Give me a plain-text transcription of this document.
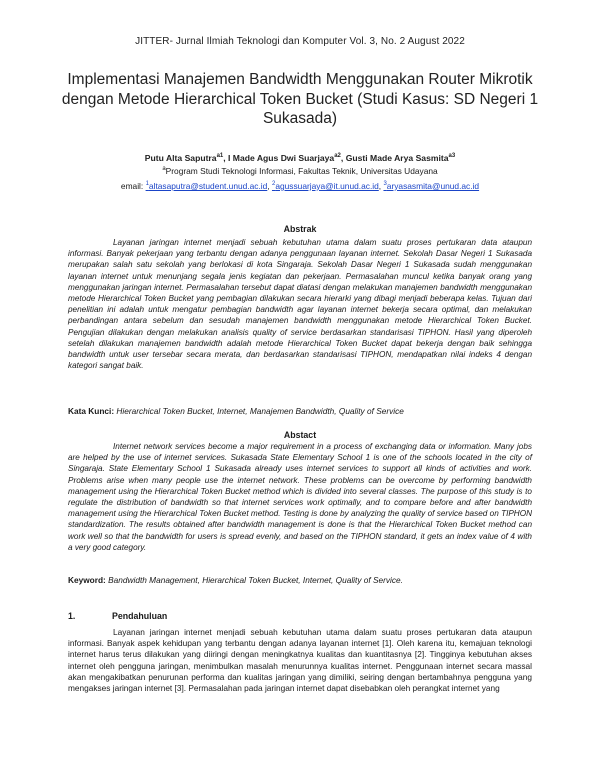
JITTER- Jurnal Ilmiah Teknologi dan Komputer Vol. 3, No. 2 August 2022
Implementasi Manajemen Bandwidth Menggunakan Router Mikrotik dengan Metode Hierarchical Token Bucket (Studi Kasus: SD Negeri 1 Sukasada)
Putu Alta Saputra$^{a1}$, I Made Agus Dwi Suarjaya$^{a2}$, Gusti Made Arya Sasmita$^{a3}$
$^a$Program Studi Teknologi Informasi, Fakultas Teknik, Universitas Udayana
email: $^1$altasaputra@student.unud.ac.id, $^2$agussuarjaya@it.unud.ac.id, $^3$aryasasmita@unud.ac.id
Abstrak

Layanan jaringan internet menjadi sebuah kebutuhan utama dalam suatu proses pertukaran data ataupun informasi. Banyak pekerjaan yang terbantu dengan adanya penggunaan layanan internet. Sekolah Dasar Negeri 1 Sukasada merupakan salah satu sekolah yang berlokasi di kota Singaraja. Sekolah Dasar Negeri 1 Sukasada sudah menggunakan layanan internet untuk menunjang segala jenis kegiatan dan pekerjaan. Permasalahan muncul ketika banyak orang yang menggunakan jaringan internet. Permasalahan tersebut dapat diatasi dengan melakukan manajemen bandwidth menggunakan metode Hierarchical Token Bucket yang pembagian dilakukan secara hierarki yang dibagi menjadi beberapa kelas. Tujuan dari penelitian ini adalah untuk mengatur pembagian bandwidth agar layanan internet bekerja secara optimal, dan melakukan perbandingan antara sebelum dan sesudah manajemen bandwidth menggunakan metode Hierarchical Token Bucket. Pengujian dilakukan dengan melakukan analisis quality of service berdasarkan standarisasi TIPHON. Hasil yang diperoleh setelah dilakukan manajemen bandwidth adalah metode Hierarchical Token Bucket dapat bekerja dengan baik sehingga bandwidth untuk user tersebar secara merata, dan berdasarkan standarisasi TIPHON, mendapatkan nilai indeks 4 dengan kategori sangat baik.

Kata Kunci: Hierarchical Token Bucket, Internet, Manajemen Bandwidth, Quality of Service
Abstact

Internet network services become a major requirement in a process of exchanging data or information. Many jobs are helped by the use of internet services. Sukasada State Elementary School 1 is one of the schools located in the city of Singaraja. State Elementary School 1 Sukasada already uses internet services to support all kinds of activities and work. Problems arise when many people use the internet network. These problems can be overcome by performing bandwidth management using the Hierarchical Token Bucket method which is divided into several classes. The purpose of this study is to regulate the distribution of bandwidth so that internet services work optimally, and to compare before and after bandwidth management using the Hierarchical Token Bucket method. Testing is done by analyzing the quality of service based on TIPHON standardization. The results obtained after bandwidth management is done is that the Hierarchical Token Bucket method can work well so that the bandwidth for users is spread evenly, and based on the TIPHON standard, it gets an index value of 4 with a very good category.

Keyword: Bandwidth Management, Hierarchical Token Bucket, Internet, Quality of Service.
1.	Pendahuluan

Layanan jaringan internet menjadi sebuah kebutuhan utama dalam suatu proses pertukaran data ataupun informasi. Banyak aspek kehidupan yang terbantu dengan adanya layanan internet [1]. Oleh karena itu, kemajuan teknologi internet harus terus dilakukan yang diiringi dengan meningkatnya kualitas dan kuantitasnya [2]. Tingginya kebutuhan akses internet oleh pengguna jaringan, menimbulkan masalah menurunnya kualitas internet. Penggunaan internet secara massal akan mengakibatkan penurunan performa dan kualitas jaringan yang dimiliki, seiring dengan bertambahnya pengguna yang mengakses jaringan internet [3]. Permasalahan pada jaringan internet dapat disebabkan oleh perangkat internet yang
